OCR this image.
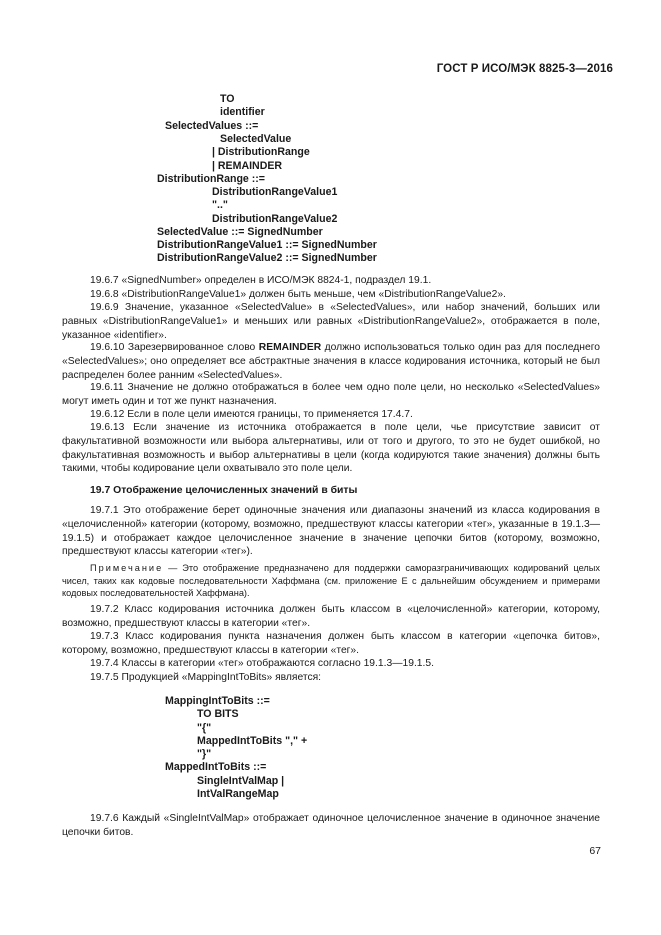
ГОСТ Р ИСО/МЭК 8825-3—2016
TO
identifier
SelectedValues ::=
SelectedValue
| DistributionRange
| REMAINDER
DistributionRange ::=
DistributionRangeValue1
".."
DistributionRangeValue2
SelectedValue ::= SignedNumber
DistributionRangeValue1 ::= SignedNumber
DistributionRangeValue2 ::= SignedNumber
19.6.7 «SignedNumber» определен в ИСО/МЭК 8824-1, подраздел 19.1.
19.6.8 «DistributionRangeValue1» должен быть меньше, чем «DistributionRangeValue2».
19.6.9 Значение, указанное «SelectedValue» в «SelectedValues», или набор значений, больших или равных «DistributionRangeValue1» и меньших или равных «DistributionRangeValue2», отображается в поле, указанное «identifier».
19.6.10 Зарезервированное слово REMAINDER должно использоваться только один раз для последнего «SelectedValues»; оно определяет все абстрактные значения в классе кодирования источника, который не был распределен более ранним «SelectedValues».
19.6.11 Значение не должно отображаться в более чем одно поле цели, но несколько «SelectedValues» могут иметь один и тот же пункт назначения.
19.6.12 Если в поле цели имеются границы, то применяется 17.4.7.
19.6.13 Если значение из источника отображается в поле цели, чье присутствие зависит от факультативной возможности или выбора альтернативы, или от того и другого, то это не будет ошибкой, но факультативная возможность и выбор альтернативы в цели (когда кодируются такие значения) должны быть такими, чтобы кодирование цели охватывало это поле цели.
19.7 Отображение целочисленных значений в биты
19.7.1 Это отображение берет одиночные значения или диапазоны значений из класса кодирования в «целочисленной» категории (которому, возможно, предшествуют классы категории «тег», указанные в 19.1.3—19.1.5) и отображает каждое целочисленное значение в значение цепочки битов (которому, возможно, предшествуют классы категории «тег»).
Примечание — Это отображение предназначено для поддержки саморазграничивающих кодирований целых чисел, таких как кодовые последовательности Хаффмана (см. приложение Е с дальнейшим обсуждением и примерами кодовых последовательностей Хаффмана).
19.7.2 Класс кодирования источника должен быть классом в «целочисленной» категории, которому, возможно, предшествуют классы в категории «тег».
19.7.3 Класс кодирования пункта назначения должен быть классом в категории «цепочка битов», которому, возможно, предшествуют классы в категории «тег».
19.7.4 Классы в категории «тег» отображаются согласно 19.1.3—19.1.5.
19.7.5 Продукцией «MappingIntToBits» является:
MappingIntToBits ::=
TO BITS
"{"
MappedIntToBits "," +
"}"
MappedIntToBits ::=
SingleIntValMap |
IntValRangeMap
19.7.6 Каждый «SingleIntValMap» отображает одиночное целочисленное значение в одиночное значение цепочки битов.
67
